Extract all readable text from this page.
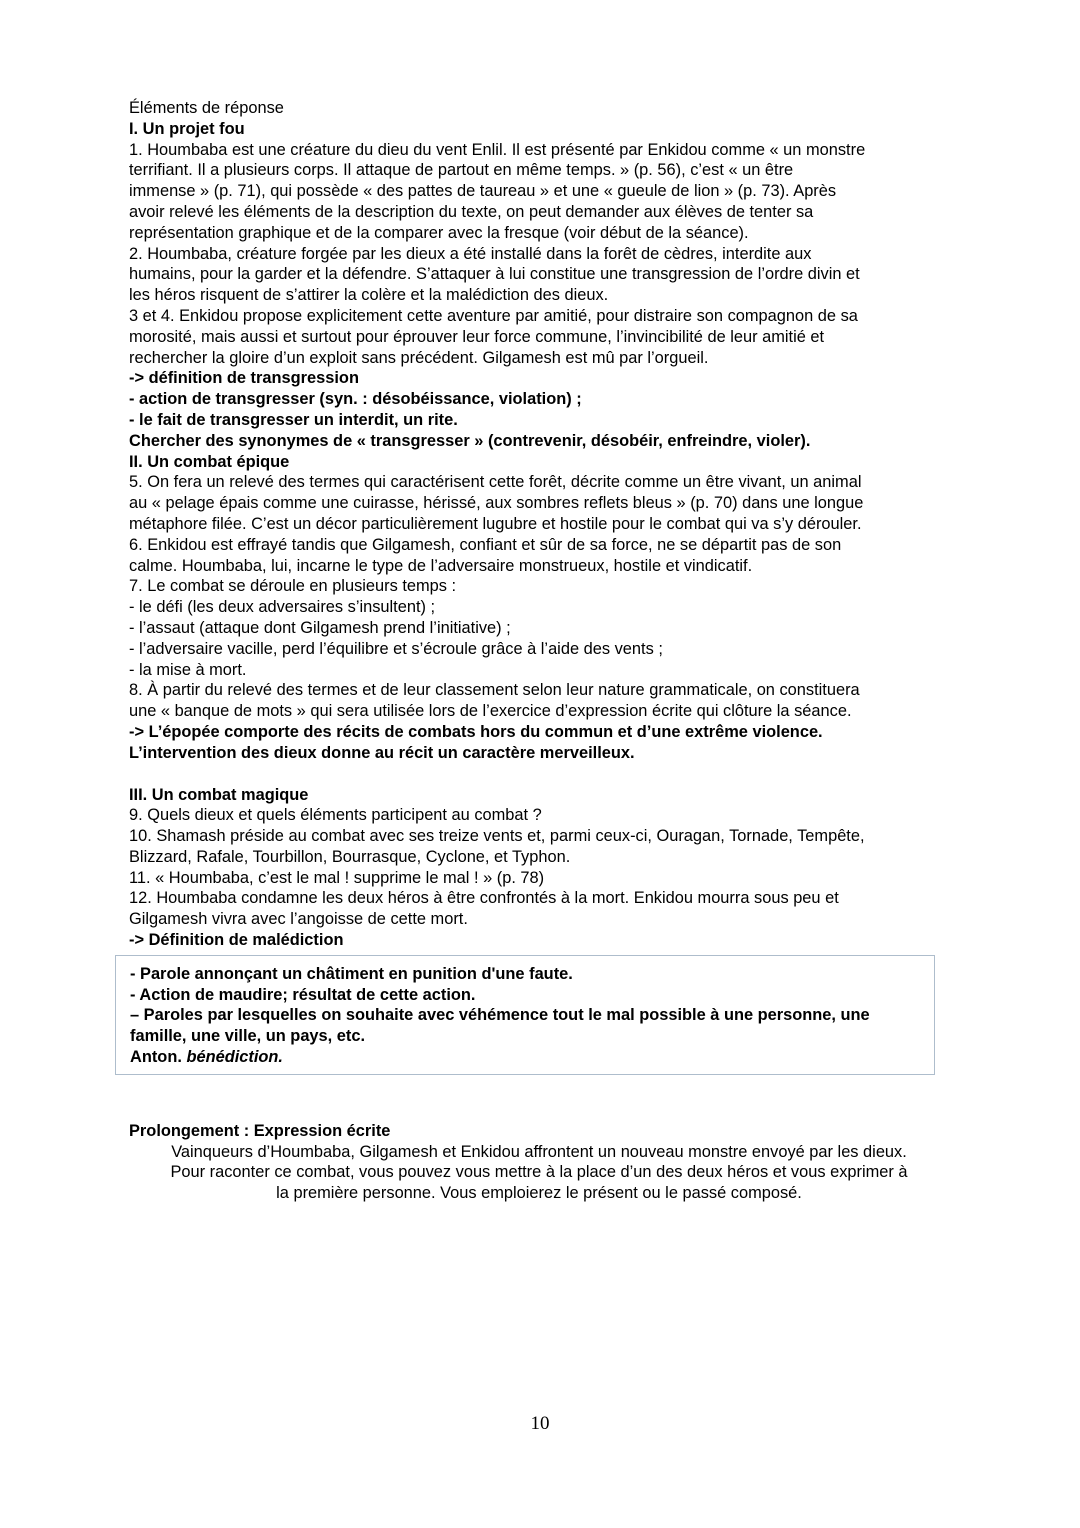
Éléments de réponse
I. Un projet fou
1. Houmbaba est une créature du dieu du vent Enlil. Il est présenté par Enkidou comme « un monstre
terrifiant. Il a plusieurs corps. Il attaque de partout en même temps. » (p. 56), c’est « un être
immense » (p. 71), qui possède « des pattes de taureau » et une « gueule de lion » (p. 73). Après
avoir relevé les éléments de la description du texte, on peut demander aux élèves de tenter sa
représentation graphique et de la comparer avec la fresque (voir début de la séance).
2. Houmbaba, créature forgée par les dieux a été installé dans la forêt de cèdres, interdite aux
humains, pour la garder et la défendre. S’attaquer à lui constitue une transgression de l’ordre divin et
les héros risquent de s’attirer la colère et la malédiction des dieux.
3 et 4. Enkidou propose explicitement cette aventure par amitié, pour distraire son compagnon de sa
morosité, mais aussi et surtout pour éprouver leur force commune, l’invincibilité de leur amitié et
rechercher la gloire d’un exploit sans précédent. Gilgamesh est mû par l’orgueil.
-> définition de transgression
- action de transgresser (syn. : désobéissance, violation) ;
- le fait de transgresser un interdit, un rite.
Chercher des synonymes de « transgresser » (contrevenir, désobéir, enfreindre, violer).
II. Un combat épique
5. On fera un relevé des termes qui caractérisent cette forêt, décrite comme un être vivant, un animal
au « pelage épais comme une cuirasse, hérissé, aux sombres reflets bleus » (p. 70) dans une longue
métaphore filée. C’est un décor particulièrement lugubre et hostile pour le combat qui va s’y dérouler.
6. Enkidou est effrayé tandis que Gilgamesh, confiant et sûr de sa force, ne se départit pas de son
calme. Houmbaba, lui, incarne le type de l’adversaire monstrueux, hostile et vindicatif.
7. Le combat se déroule en plusieurs temps :
- le défi (les deux adversaires s’insultent) ;
- l’assaut (attaque dont Gilgamesh prend l’initiative) ;
- l’adversaire vacille, perd l’équilibre et s’écroule grâce à l’aide des vents ;
- la mise à mort.
8. À partir du relevé des termes et de leur classement selon leur nature grammaticale, on constituera
une « banque de mots » qui sera utilisée lors de l’exercice d’expression écrite qui clôture la séance.
-> L’épopée comporte des récits de combats hors du commun et d’une extrême violence.
L’intervention des dieux donne au récit un caractère merveilleux.
III. Un combat magique
9. Quels dieux et quels éléments participent au combat ?
10. Shamash préside au combat avec ses treize vents et, parmi ceux-ci, Ouragan, Tornade, Tempête,
Blizzard, Rafale, Tourbillon, Bourrasque, Cyclone, et Typhon.
11. « Houmbaba, c’est le mal ! supprime le mal ! » (p. 78)
12. Houmbaba condamne les deux héros à être confrontés à la mort. Enkidou mourra sous peu et
Gilgamesh vivra avec l’angoisse de cette mort.
-> Définition de malédiction
- Parole annonçant un châtiment en punition d'une faute.
- Action de maudire; résultat de cette action.
– Paroles par lesquelles on souhaite avec véhémence tout le mal possible à une personne, une
famille, une ville, un pays, etc.
Anton. bénédiction.
Prolongement : Expression écrite
Vainqueurs d’Houmbaba, Gilgamesh et Enkidou affrontent un nouveau monstre envoyé par les dieux.
Pour raconter ce combat, vous pouvez vous mettre à la place d’un des deux héros et vous exprimer à
la première personne. Vous emploierez le présent ou le passé composé.
10
